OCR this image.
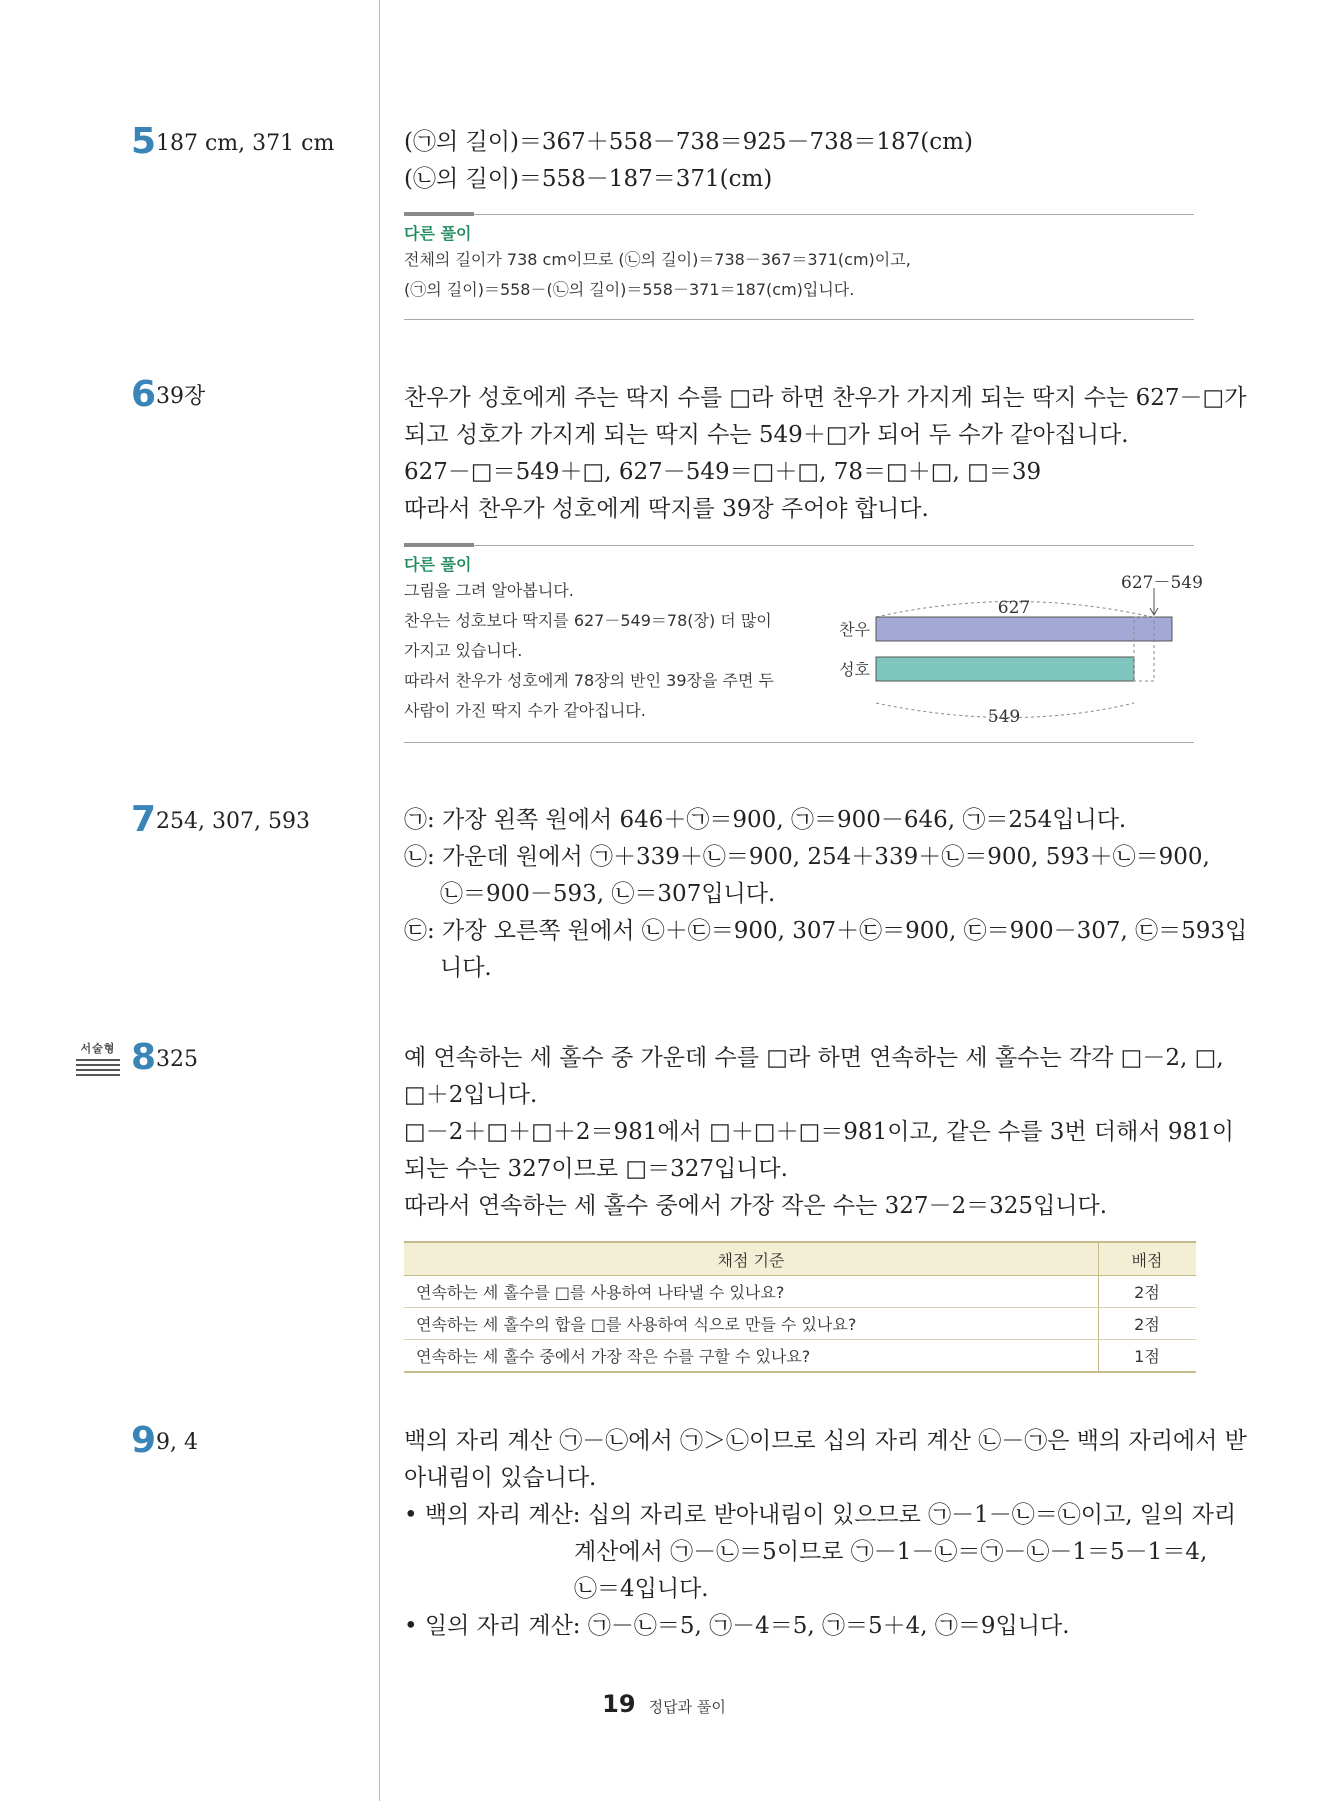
5 187 cm, 371 cm	(㉠의 길이)＝367＋558－738＝925－738＝187(cm)

(㉡의 길이)＝558－187＝371(cm)

다른 풀이

전체의 길이가 738 cm이므로 (㉡의 길이)＝738－367＝371(cm)이고,

(㉠의 길이)＝558－(㉡의 길이)＝558－371＝187(cm)입니다.

6 39장	찬우가 성호에게 주는 딱지 수를 □라 하면 찬우가 가지게 되는 딱지 수는 627－□가

되고 성호가 가지게 되는 딱지 수는 549＋□가 되어 두 수가 같아집니다.

627－□＝549＋□, 627－549＝□＋□, 78＝□＋□, □＝39

따라서 찬우가 성호에게 딱지를 39장 주어야 합니다.

다른 풀이

그림을 그려 알아봅니다.

찬우는 성호보다 딱지를 627－549＝78(장) 더 많이

가지고 있습니다.

따라서 찬우가 성호에게 78장의 반인 39장을 주면 두

사람이 가진 딱지 수가 같아집니다.

627
627－549
549
찬우
성호
7 254, 307, 593	㉠: 가장 왼쪽 원에서 646＋㉠＝900, ㉠＝900－646, ㉠＝254입니다.

㉡: 가운데 원에서 ㉠＋339＋㉡＝900, 254＋339＋㉡＝900, 593＋㉡＝900,

㉡＝900－593, ㉡＝307입니다.

㉢: 가장 오른쪽 원에서 ㉡＋㉢＝900, 307＋㉢＝900, ㉢＝900－307, ㉢＝593입

니다.

서술형 8 325	예 연속하는 세 홀수 중 가운데 수를 □라 하면 연속하는 세 홀수는 각각 □－2, □,

□＋2입니다.

□－2＋□＋□＋2＝981에서 □＋□＋□＝981이고, 같은 수를 3번 더해서 981이

되는 수는 327이므로 □＝327입니다.

따라서 연속하는 세 홀수 중에서 가장 작은 수는 327－2＝325입니다.

채점 기준	배점
연속하는 세 홀수를 □를 사용하여 나타낼 수 있나요?	2점
연속하는 세 홀수의 합을 □를 사용하여 식으로 만들 수 있나요?	2점
연속하는 세 홀수 중에서 가장 작은 수를 구할 수 있나요?	1점
9 9, 4	백의 자리 계산 ㉠－㉡에서 ㉠＞㉡이므로 십의 자리 계산 ㉡－㉠은 백의 자리에서 받

아내림이 있습니다.

• 백의 자리 계산: 십의 자리로 받아내림이 있으므로 ㉠－1－㉡＝㉡이고, 일의 자리

계산에서 ㉠－㉡＝5이므로 ㉠－1－㉡＝㉠－㉡－1＝5－1＝4,

㉡＝4입니다.

• 일의 자리 계산: ㉠－㉡＝5, ㉠－4＝5, ㉠＝5＋4, ㉠＝9입니다.

19 정답과 풀이
